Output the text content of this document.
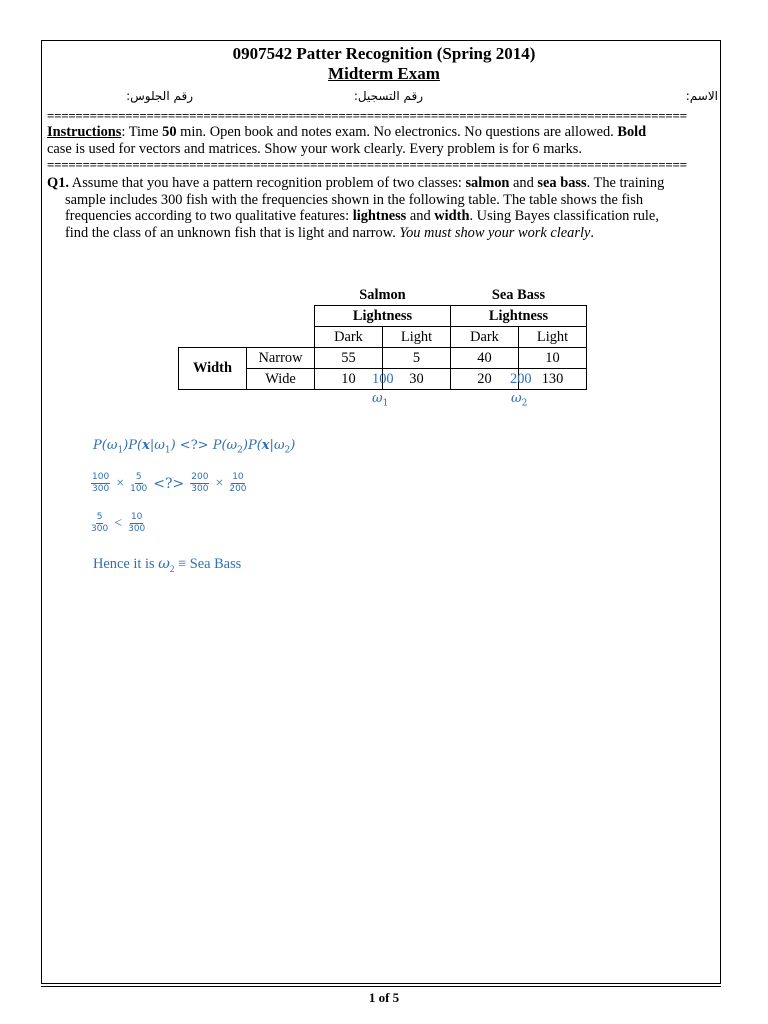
0907542 Patter Recognition (Spring 2014)
Midterm Exam
رقم الجلوس:	رقم التسجيل:	الاسم:
==========================================================================================
Instructions: Time 50 min. Open book and notes exam. No electronics. No questions are allowed. Bold
case is used for vectors and matrices. Show your work clearly. Every problem is for 6 marks.
==========================================================================================
Q1. Assume that you have a pattern recognition problem of two classes: salmon and sea bass. The training
sample includes 300 fish with the frequencies shown in the following table. The table shows the fish
frequencies according to two qualitative features: lightness and width. Using Bayes classification rule,
find the class of an unknown fish that is light and narrow. You must show your work clearly.
		Salmon		Sea Bass	
		Lightness		Lightness	
		Dark	Light	Dark	Light
Width	Narrow	55	5	40	10
	Wide	10	30	20	130
100	200
$\omega_1$	$\omega_2$
$P(\omega_1)P(x|\omega_1)$ <?> $P(\omega_2)P(x|\omega_2)$
$\frac{100}{300} \times \frac{5}{100}$ <?> $\frac{200}{300} \times \frac{10}{200}$
$\frac{5}{300} < \frac{10}{300}$
Hence it is $\omega_2$ ≡ Sea Bass
1 of 5
